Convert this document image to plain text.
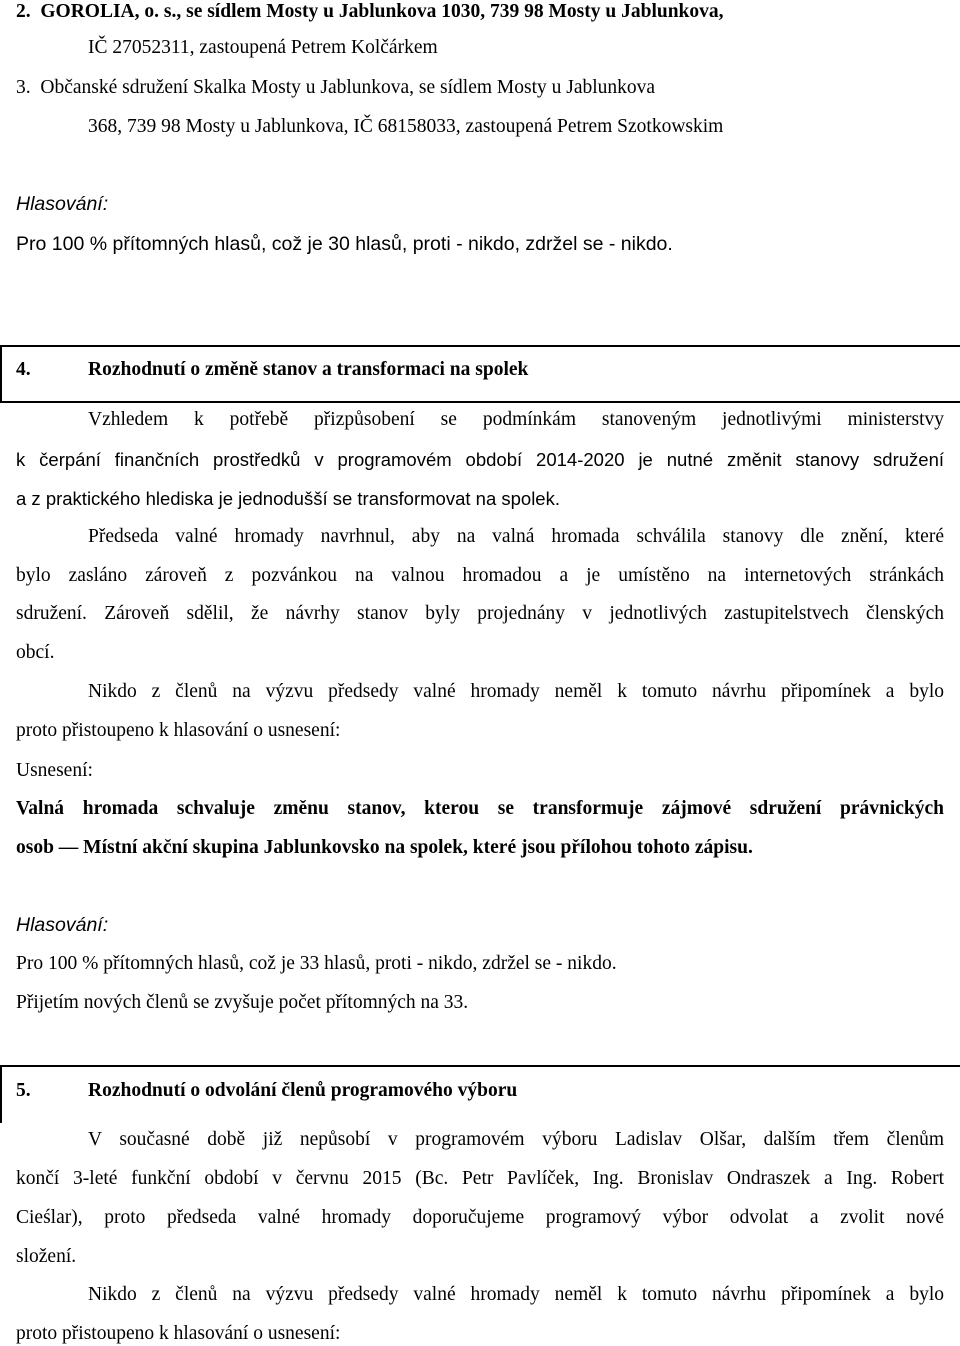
2.  GOROLIA, o. s., se sídlem Mosty u Jablunkova 1030, 739 98 Mosty u Jablunkova,
IČ 27052311, zastoupená Petrem Kolčárkem
3.  Občanské sdružení Skalka Mosty u Jablunkova, se sídlem Mosty u Jablunkova
368, 739 98 Mosty u Jablunkova, IČ 68158033, zastoupená Petrem Szotkowskim
Hlasování:
Pro 100 % přítomných hlasů, což je 30 hlasů, proti - nikdo, zdržel se - nikdo.
4.	Rozhodnutí o změně stanov a transformaci na spolek
Vzhledem k potřebě přizpůsobení se podmínkám stanoveným jednotlivými ministerstvy
k čerpání finančních prostředků v programovém období 2014-2020 je nutné změnit stanovy sdružení
a z praktického hlediska je jednodušší se transformovat na spolek.
Předseda valné hromady navrhnul, aby na valná hromada schválila stanovy dle znění, které
bylo zasláno zároveň z pozvánkou na valnou hromadou a je umístěno na internetových stránkách
sdružení. Zároveň sdělil, že návrhy stanov byly projednány v jednotlivých zastupitelstvech členských
obcí.
Nikdo z členů na výzvu předsedy valné hromady neměl k tomuto návrhu připomínek a bylo
proto přistoupeno k hlasování o usnesení:
Usnesení:
Valná hromada schvaluje změnu stanov, kterou se transformuje zájmové sdružení právnických
osob — Místní akční skupina Jablunkovsko na spolek, které jsou přílohou tohoto zápisu.
Hlasování:
Pro 100 % přítomných hlasů, což je 33 hlasů, proti - nikdo, zdržel se - nikdo.
Přijetím nových členů se zvyšuje počet přítomných na 33.
5.	Rozhodnutí o odvolání členů programového výboru
V současné době již nepůsobí v programovém výboru Ladislav Olšar, dalším třem členům
končí 3-leté funkční období v červnu 2015 (Bc. Petr Pavlíček, Ing. Bronislav Ondraszek a Ing. Robert
Cieślar), proto předseda valné hromady doporučujeme programový výbor odvolat a zvolit nové
složení.
Nikdo z členů na výzvu předsedy valné hromady neměl k tomuto návrhu připomínek a bylo
proto přistoupeno k hlasování o usnesení:
